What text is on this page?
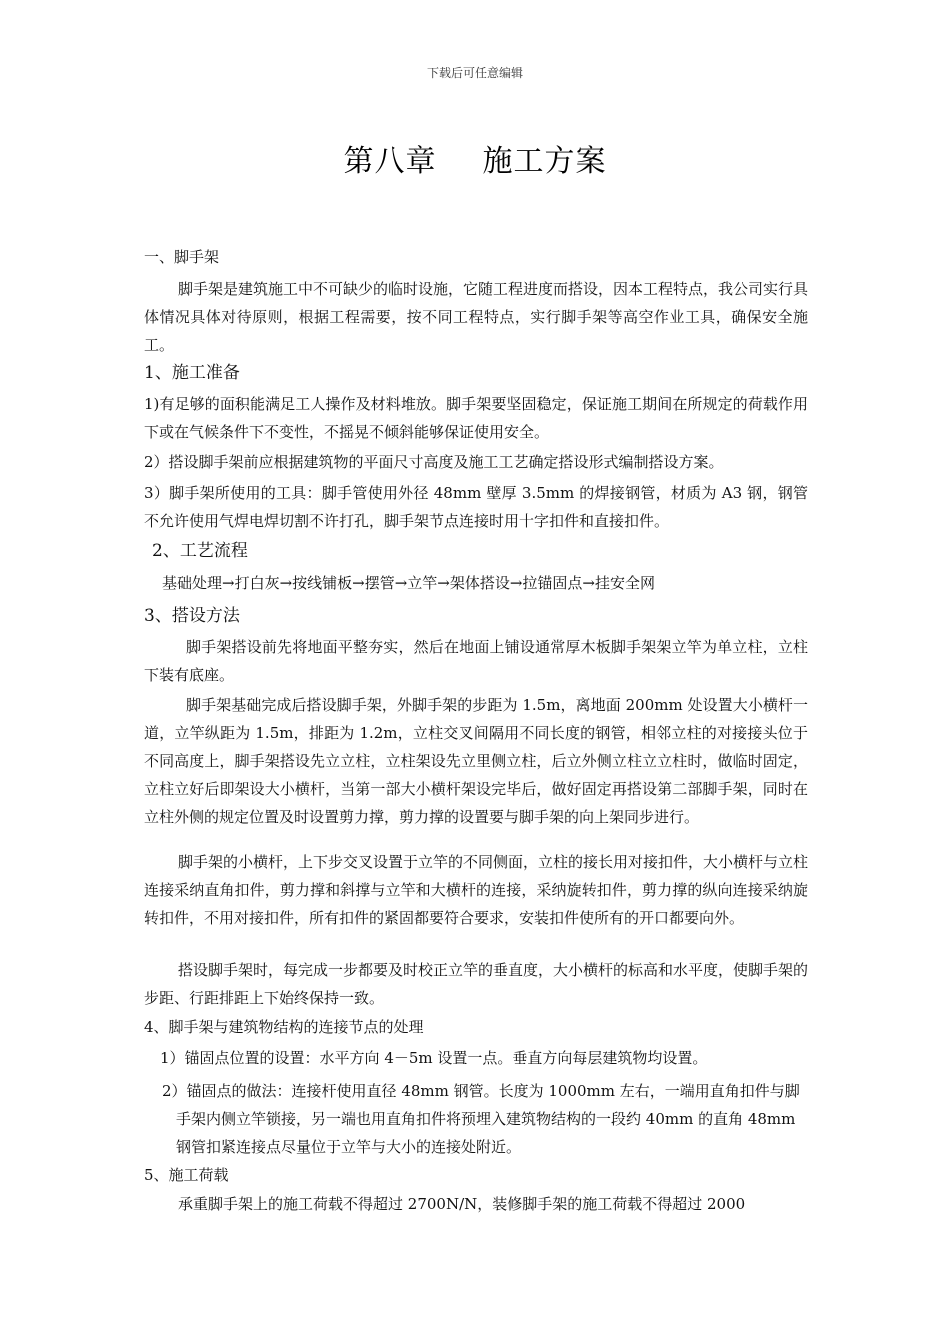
下载后可任意编辑
第八章 施工方案
一、脚手架

脚手架是建筑施工中不可缺少的临时设施，它随工程进度而搭设，因本工程特点，我公司实行具体情况具体对待原则，根据工程需要，按不同工程特点，实行脚手架等高空作业工具，确保安全施工。

1、施工准备

1)有足够的面积能满足工人操作及材料堆放。脚手架要坚固稳定，保证施工期间在所规定的荷载作用下或在气候条件下不变性，不摇晃不倾斜能够保证使用安全。

2）搭设脚手架前应根据建筑物的平面尺寸高度及施工工艺确定搭设形式编制搭设方案。

3）脚手架所使用的工具：脚手管使用外径 48mm 壁厚 3.5mm 的焊接钢管，材质为 A3 钢，钢管不允许使用气焊电焊切割不许打孔，脚手架节点连接时用十字扣件和直接扣件。

2、工艺流程

基础处理→打白灰→按线铺板→摆管→立竿→架体搭设→拉锚固点→挂安全网

3、搭设方法

脚手架搭设前先将地面平整夯实，然后在地面上铺设通常厚木板脚手架架立竿为单立柱，立柱下装有底座。

脚手架基础完成后搭设脚手架，外脚手架的步距为 1.5m，离地面 200mm 处设置大小横杆一道，立竿纵距为 1.5m，排距为 1.2m，立柱交叉间隔用不同长度的钢管，相邻立柱的对接接头位于不同高度上，脚手架搭设先立立柱，立柱架设先立里侧立柱，后立外侧立柱立立柱时，做临时固定，立柱立好后即架设大小横杆，当第一部大小横杆架设完毕后，做好固定再搭设第二部脚手架，同时在立柱外侧的规定位置及时设置剪力撑，剪力撑的设置要与脚手架的向上架同步进行。

脚手架的小横杆，上下步交叉设置于立竿的不同侧面，立柱的接长用对接扣件，大小横杆与立柱连接采纳直角扣件，剪力撑和斜撑与立竿和大横杆的连接，采纳旋转扣件，剪力撑的纵向连接采纳旋转扣件，不用对接扣件，所有扣件的紧固都要符合要求，安装扣件使所有的开口都要向外。

搭设脚手架时，每完成一步都要及时校正立竿的垂直度，大小横杆的标高和水平度，使脚手架的步距、行距排距上下始终保持一致。

4、脚手架与建筑物结构的连接节点的处理

1）锚固点位置的设置：水平方向 4－5m 设置一点。垂直方向每层建筑物均设置。

2）锚固点的做法：连接杆使用直径 48mm 钢管。长度为 1000mm 左右，一端用直角扣件与脚手架内侧立竿锁接，另一端也用直角扣件将预埋入建筑物结构的一段约 40mm 的直角 48mm 钢管扣紧连接点尽量位于立竿与大小的连接处附近。

5、施工荷载

承重脚手架上的施工荷载不得超过 2700N/N，装修脚手架的施工荷载不得超过 2000
